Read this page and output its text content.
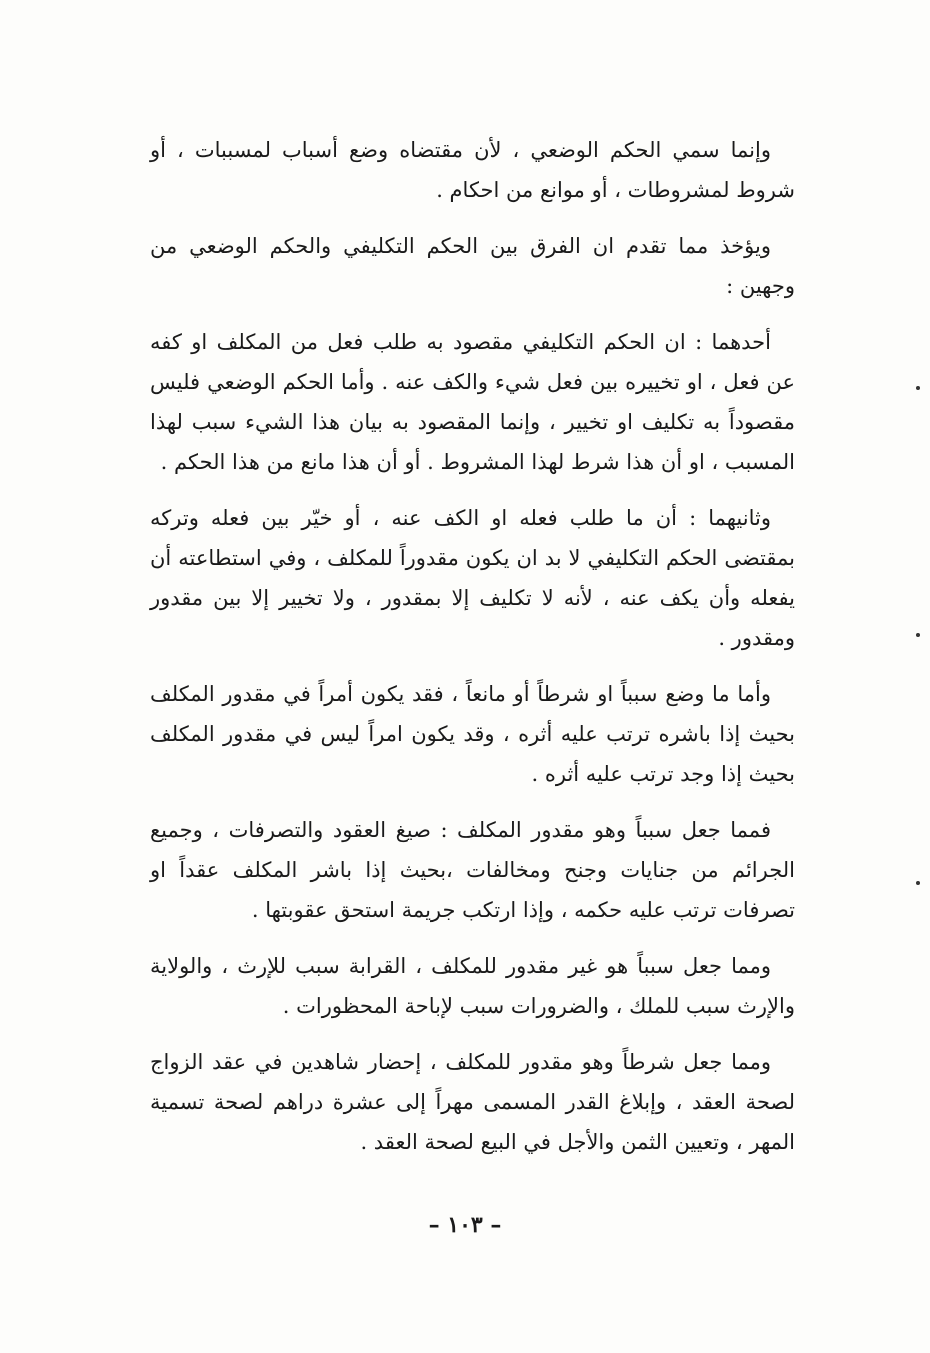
وإنما سمي الحكم الوضعي ، لأن مقتضاه وضع أسباب لمسببات ، أو شروط لمشروطات ، أو موانع من احكام .

ويؤخذ مما تقدم ان الفرق بين الحكم التكليفي والحكم الوضعي من وجهين :

أحدهما : ان الحكم التكليفي مقصود به طلب فعل من المكلف او كفه عن فعل ، او تخييره بين فعل شيء والكف عنه . وأما الحكم الوضعي فليس مقصوداً به تكليف او تخيير ، وإنما المقصود به بيان هذا الشيء سبب لهذا المسبب ، او أن هذا شرط لهذا المشروط . أو أن هذا مانع من هذا الحكم .

وثانيهما : أن ما طلب فعله او الكف عنه ، أو خيّر بين فعله وتركه بمقتضى الحكم التكليفي لا بد ان يكون مقدوراً للمكلف ، وفي استطاعته أن يفعله وأن يكف عنه ، لأنه لا تكليف إلا بمقدور ، ولا تخيير إلا بين مقدور ومقدور .

وأما ما وضع سبباً او شرطاً أو مانعاً ، فقد يكون أمراً في مقدور المكلف بحيث إذا باشره ترتب عليه أثره ، وقد يكون امراً ليس في مقدور المكلف بحيث إذا وجد ترتب عليه أثره .

فمما جعل سبباً وهو مقدور المكلف : صيغ العقود والتصرفات ، وجميع الجرائم من جنايات وجنح ومخالفات ،بحيث إذا باشر المكلف عقداً او تصرفات ترتب عليه حكمه ، وإذا ارتكب جريمة استحق عقوبتها .

ومما جعل سبباً هو غير مقدور للمكلف ، القرابة سبب للإرث ، والولاية والإرث سبب للملك ، والضرورات سبب لإباحة المحظورات .

ومما جعل شرطاً وهو مقدور للمكلف ، إحضار شاهدين في عقد الزواج لصحة العقد ، وإبلاغ القدر المسمى مهراً إلى عشرة دراهم لصحة تسمية المهر ، وتعيين الثمن والأجل في البيع لصحة العقد .

– ١٠٣ –
